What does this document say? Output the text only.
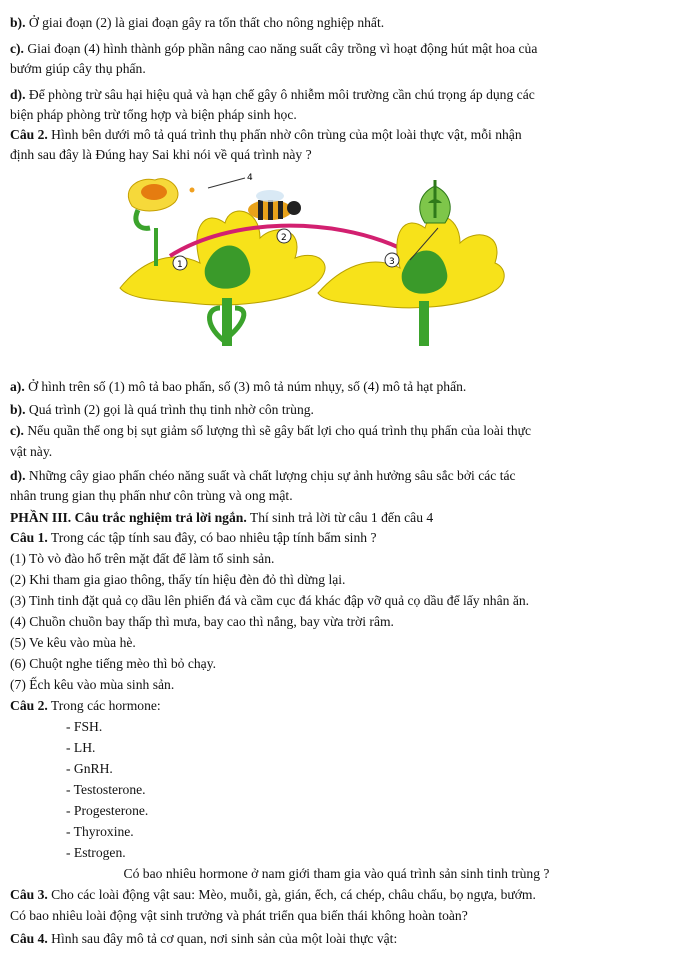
b). Ở giai đoạn (2) là giai đoạn gây ra tổn thất cho nông nghiệp nhất.
c). Giai đoạn (4) hình thành góp phần nâng cao năng suất cây trồng vì hoạt động hút mật hoa của
bướm giúp cây thụ phấn.
d). Để phòng trừ sâu hại hiệu quả và hạn chế gây ô nhiễm môi trường cần chú trọng áp dụng các
biện pháp phòng trừ tổng hợp và biện pháp sinh học.
Câu 2. Hình bên dưới mô tả quá trình thụ phấn nhờ côn trùng của một loài thực vật, mỗi nhận
định sau đây là Đúng hay Sai khi nói về quá trình này ?
4
2
1	3
a). Ở hình trên số (1) mô tả bao phấn, số (3) mô tả núm nhụy, số (4) mô tả hạt phấn.
b). Quá trình (2) gọi là quá trình thụ tinh nhờ côn trùng.
c). Nếu quần thể ong bị sụt giảm số lượng thì sẽ gây bất lợi cho quá trình thụ phấn của loài thực
vật này.
d). Những cây giao phấn chéo năng suất và chất lượng chịu sự ảnh hưởng sâu sắc bởi các tác
nhân trung gian thụ phấn như côn trùng và ong mật.
PHẦN III. Câu trắc nghiệm trả lời ngắn. Thí sinh trả lời từ câu 1 đến câu 4
Câu 1. Trong các tập tính sau đây, có bao nhiêu tập tính bẩm sinh ?
(1) Tò vò đào hố trên mặt đất để làm tổ sinh sản.
(2) Khi tham gia giao thông, thấy tín hiệu đèn đỏ thì dừng lại.
(3) Tinh tinh đặt quả cọ dầu lên phiến đá và cầm cục đá khác đập vỡ quả cọ dầu để lấy nhân ăn.
(4) Chuồn chuồn bay thấp thì mưa, bay cao thì nắng, bay vừa trời râm.
(5) Ve kêu vào mùa hè.
(6) Chuột nghe tiếng mèo thì bỏ chạy.
(7) Ếch kêu vào mùa sinh sản.
Câu 2. Trong các hormone:
- FSH.
- LH.
- GnRH.
- Testosterone.
- Progesterone.
- Thyroxine.
- Estrogen.
Có bao nhiêu hormone ở nam giới tham gia vào quá trình sản sinh tinh trùng ?
Câu 3. Cho các loài động vật sau: Mèo, muỗi, gà, gián, ếch, cá chép, châu chấu, bọ ngựa, bướm.
Có bao nhiêu loài động vật sinh trưởng và phát triển qua biến thái không hoàn toàn?
Câu 4. Hình sau đây mô tả cơ quan, nơi sinh sản của một loài thực vật:
